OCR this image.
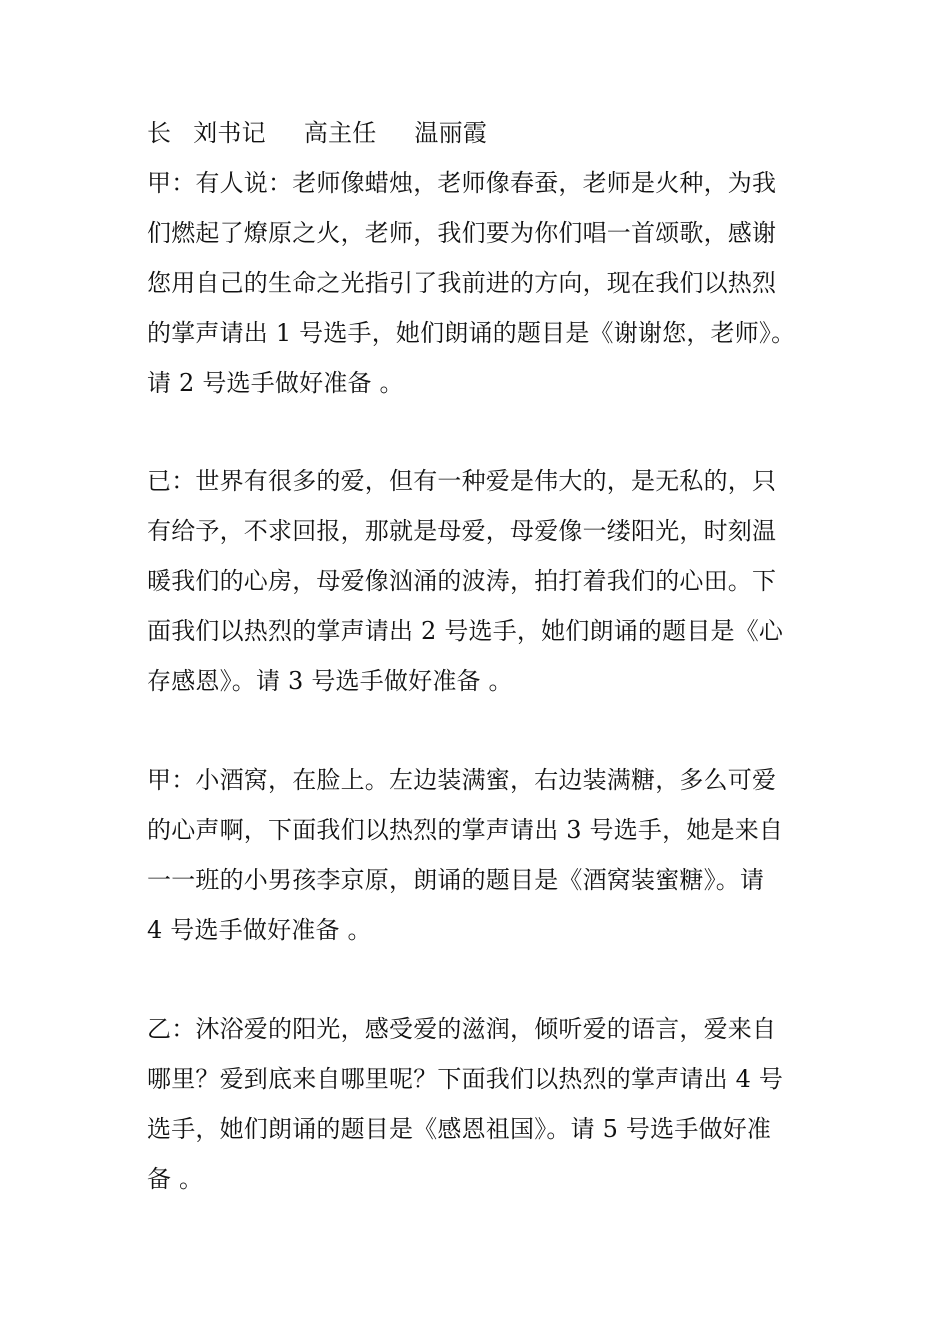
长 刘书记 高主任 温丽霞
甲：有人说：老师像蜡烛，老师像春蚕，老师是火种，为我
们燃起了燎原之火，老师，我们要为你们唱一首颂歌，感谢
您用自己的生命之光指引了我前进的方向，现在我们以热烈
的掌声请出 1 号选手，她们朗诵的题目是《谢谢您，老师》。
请 2 号选手做好准备 。
已：世界有很多的爱，但有一种爱是伟大的，是无私的，只
有给予，不求回报，那就是母爱，母爱像一缕阳光，时刻温
暖我们的心房，母爱像汹涌的波涛，拍打着我们的心田。下
面我们以热烈的掌声请出 2 号选手，她们朗诵的题目是《心
存感恩》。请 3 号选手做好准备 。
甲：小酒窝，在脸上。左边装满蜜，右边装满糖，多么可爱
的心声啊，下面我们以热烈的掌声请出 3 号选手，她是来自
一一班的小男孩李京原，朗诵的题目是《酒窝装蜜糖》。请
4 号选手做好准备 。
乙：沐浴爱的阳光，感受爱的滋润，倾听爱的语言，爱来自
哪里？爱到底来自哪里呢？下面我们以热烈的掌声请出 4 号
选手，她们朗诵的题目是《感恩祖国》。请 5 号选手做好准
备 。
